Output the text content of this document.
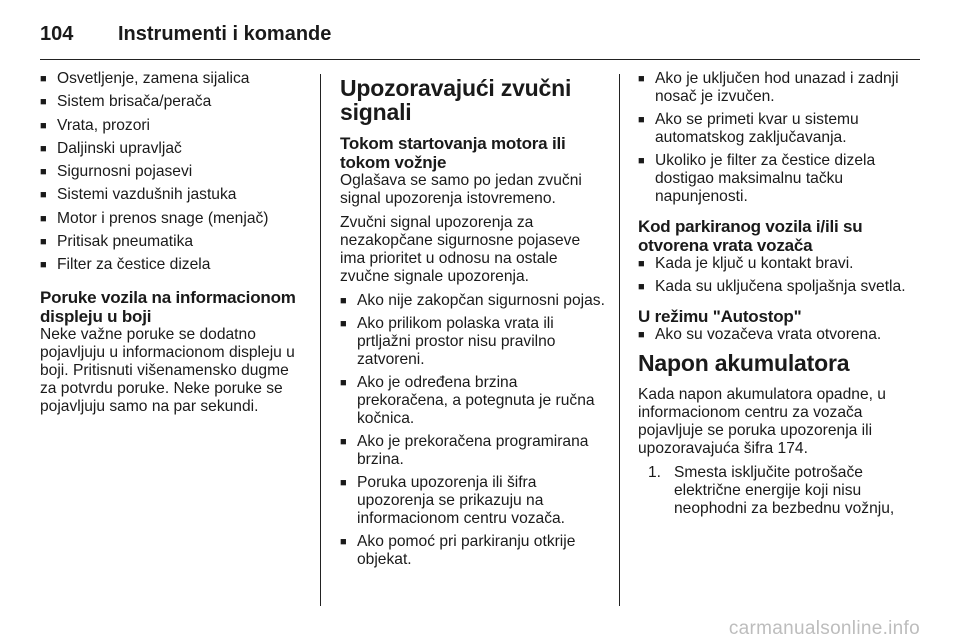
104	Instrumenti i komande
■ Osvetljenje, zamena sijalica
■ Sistem brisača/perača
■ Vrata, prozori
■ Daljinski upravljač
■ Sigurnosni pojasevi
■ Sistemi vazdušnih jastuka
■ Motor i prenos snage (menjač)
■ Pritisak pneumatika
■ Filter za čestice dizela
Poruke vozila na informacionom displeju u boji

Neke važne poruke se dodatno pojavljuju u informacionom displeju u boji. Pritisnuti višenamensko dugme za potvrdu poruke. Neke poruke se pojavljuju samo na par sekundi.

Upozoravajući zvučni signali
Tokom startovanja motora ili tokom vožnje

Oglašava se samo po jedan zvučni signal upozorenja istovremeno.

Zvučni signal upozorenja za nezakopčane sigurnosne pojaseve ima prioritet u odnosu na ostale zvučne signale upozorenja.

■ Ako nije zakopčan sigurnosni pojas.
■ Ako prilikom polaska vrata ili prtljažni prostor nisu pravilno zatvoreni.
■ Ako je određena brzina prekoračena, a potegnuta je ručna kočnica.
■ Ako je prekoračena programirana brzina.
■ Poruka upozorenja ili šifra upozorenja se prikazuju na informacionom centru vozača.
■ Ako pomoć pri parkiranju otkrije objekat.
■ Ako je uključen hod unazad i zadnji nosač je izvučen.
■ Ako se primeti kvar u sistemu automatskog zaključavanja.
■ Ukoliko je filter za čestice dizela dostigao maksimalnu tačku napunjenosti.
Kod parkiranog vozila i/ili su otvorena vrata vozača
■ Kada je ključ u kontakt bravi.
■ Kada su uključena spoljašnja svetla.
U režimu "Autostop"
■ Ako su vozačeva vrata otvorena.
Napon akumulatora

Kada napon akumulatora opadne, u informacionom centru za vozača pojavljuje se poruka upozorenja ili upozoravajuća šifra 174.

1. Smesta isključite potrošače električne energije koji nisu neophodni za bezbednu vožnju,
carmanualsonline.info
